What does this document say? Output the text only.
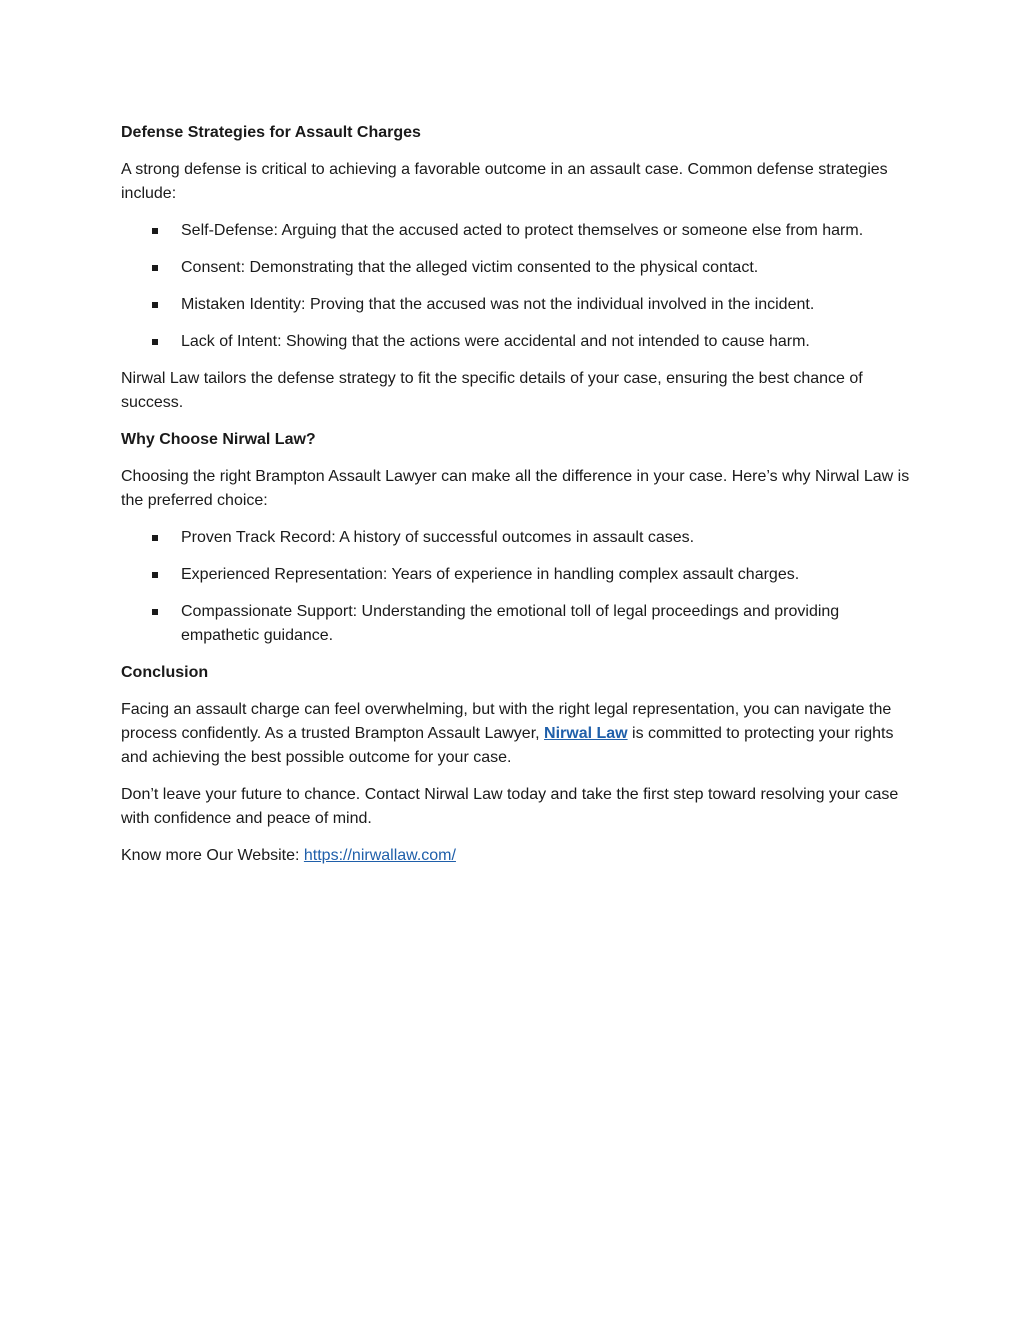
Defense Strategies for Assault Charges

A strong defense is critical to achieving a favorable outcome in an assault case. Common defense strategies include:

Self-Defense: Arguing that the accused acted to protect themselves or someone else from harm.
Consent: Demonstrating that the alleged victim consented to the physical contact.
Mistaken Identity: Proving that the accused was not the individual involved in the incident.
Lack of Intent: Showing that the actions were accidental and not intended to cause harm.

Nirwal Law tailors the defense strategy to fit the specific details of your case, ensuring the best chance of success.

Why Choose Nirwal Law?

Choosing the right Brampton Assault Lawyer can make all the difference in your case. Here’s why Nirwal Law is the preferred choice:

Proven Track Record: A history of successful outcomes in assault cases.
Experienced Representation: Years of experience in handling complex assault charges.
Compassionate Support: Understanding the emotional toll of legal proceedings and providing empathetic guidance.

Conclusion

Facing an assault charge can feel overwhelming, but with the right legal representation, you can navigate the process confidently. As a trusted Brampton Assault Lawyer, Nirwal Law is committed to protecting your rights and achieving the best possible outcome for your case.

Don’t leave your future to chance. Contact Nirwal Law today and take the first step toward resolving your case with confidence and peace of mind.

Know more Our Website: https://nirwallaw.com/
